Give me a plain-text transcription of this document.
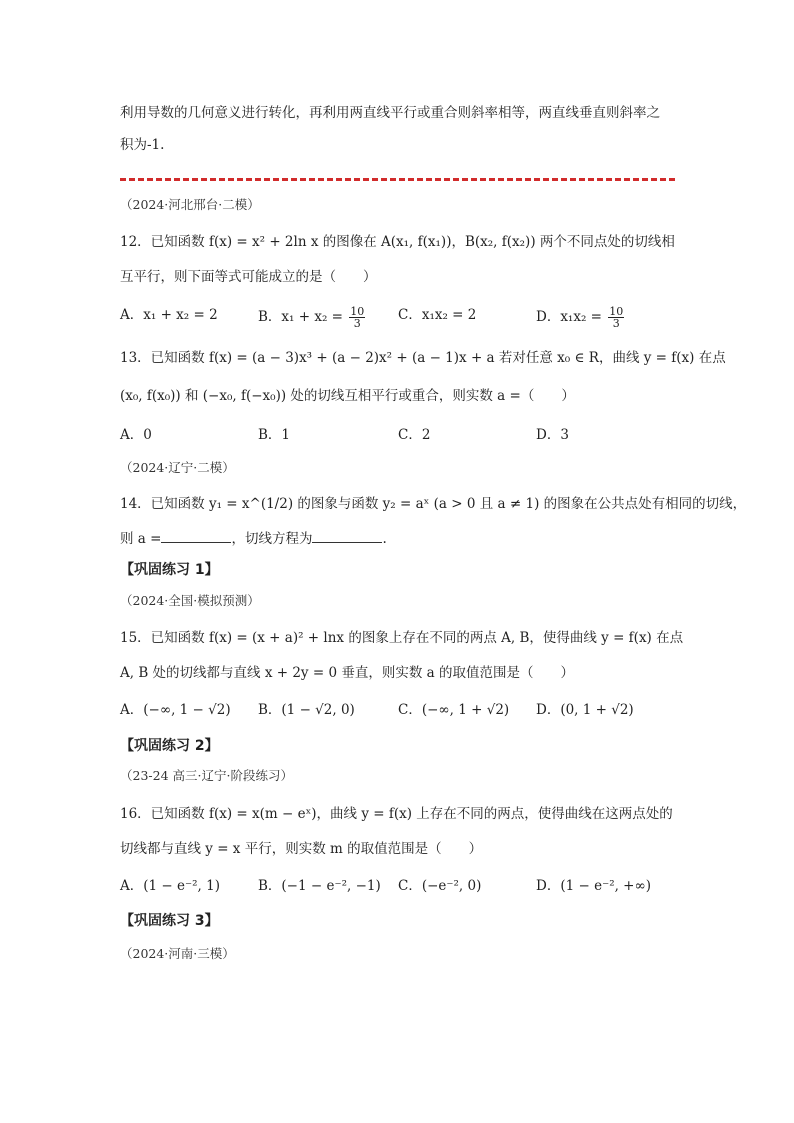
利用导数的几何意义进行转化，再利用两直线平行或重合则斜率相等，两直线垂直则斜率之
积为-1.
（2024·河北邢台·二模）
12．已知函数 f(x) = x² + 2ln x 的图像在 A(x₁, f(x₁))，B(x₂, f(x₂)) 两个不同点处的切线相
互平行，则下面等式可能成立的是（　　）
A．x₁ + x₂ = 2	B．$x_1 + x_2 = \frac{10}{3}$ C．x₁x₂ = 2	D．$x_1x_2 = \frac{10}{3}$
13．已知函数 f(x) = (a − 3)x³ + (a − 2)x² + (a − 1)x + a 若对任意 x₀ ∈ R，曲线 y = f(x) 在点
(x₀, f(x₀)) 和 (−x₀, f(−x₀)) 处的切线互相平行或重合，则实数 a =（　　）
A．0	B．1	C．2	D．3
（2024·辽宁·二模）
14．已知函数 y₁ = x^(1/2) 的图象与函数 y₂ = aˣ (a > 0 且 a ≠ 1) 的图象在公共点处有相同的切线，
则 a =	，切线方程为	.
【巩固练习 1】
（2024·全国·模拟预测）
15．已知函数 f(x) = (x + a)² + lnx 的图象上存在不同的两点 A, B，使得曲线 y = f(x) 在点
A, B 处的切线都与直线 x + 2y = 0 垂直，则实数 a 的取值范围是（　　）
A．(−∞, 1 − √2) B．(1 − √2, 0)	C．(−∞, 1 + √2) D．(0, 1 + √2)
【巩固练习 2】
（23-24 高三·辽宁·阶段练习）
16．已知函数 f(x) = x(m − eˣ)，曲线 y = f(x) 上存在不同的两点，使得曲线在这两点处的
切线都与直线 y = x 平行，则实数 m 的取值范围是（　　）
A．(1 − e⁻², 1)	B．(−1 − e⁻², −1) C．(−e⁻², 0)	D．(1 − e⁻², +∞)
【巩固练习 3】
（2024·河南·三模）
